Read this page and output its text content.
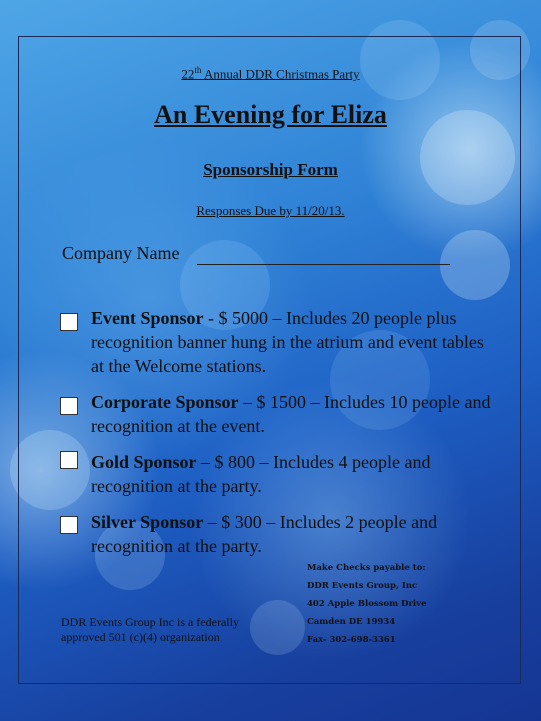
22th Annual DDR Christmas Party
An Evening for Eliza
Sponsorship Form
Responses Due by 11/20/13.
Company Name
Event Sponsor - $ 5000 – Includes 20 people plus recognition banner hung in the atrium and event tables at the Welcome stations.
Corporate Sponsor – $ 1500 – Includes 10 people and recognition at the event.
Gold Sponsor – $ 800 – Includes 4 people and recognition at the party.
Silver Sponsor – $ 300 – Includes 2 people and recognition at the party.
DDR Events Group Inc is a federally
approved 501 (c)(4) organization
Make Checks payable to:
DDR Events Group, Inc
402 Apple Blossom Drive
Camden DE 19934
Fax- 302-698-3361
